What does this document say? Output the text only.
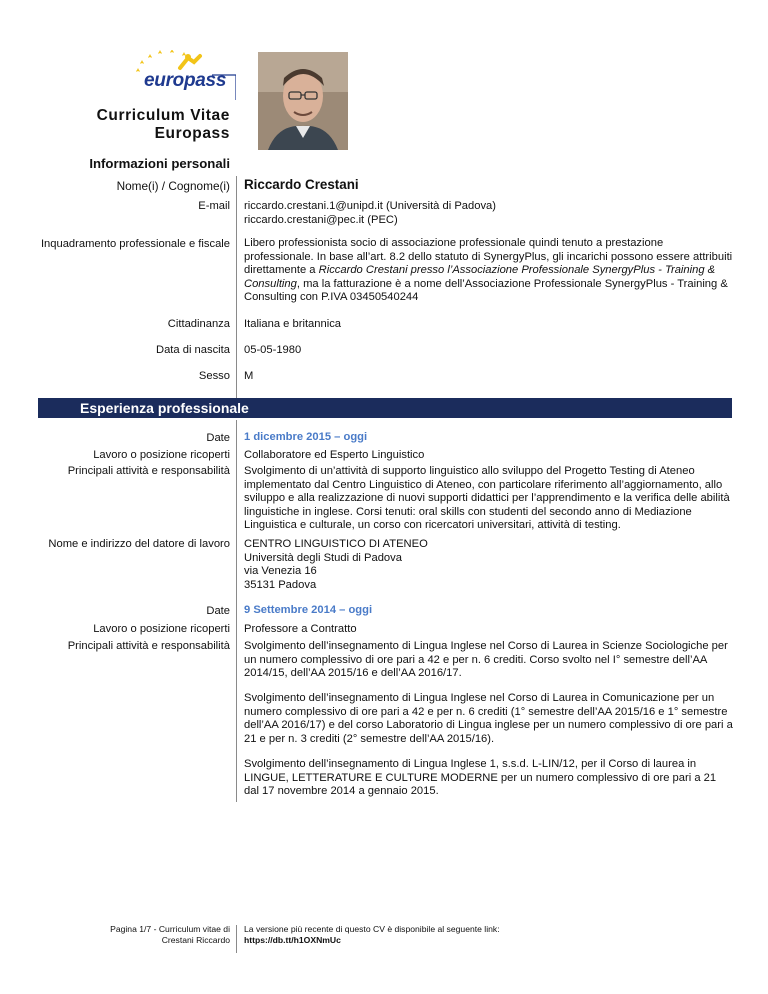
europass
Curriculum Vitae
Europass
Informazioni personali
Nome(i) / Cognome(i) Riccardo Crestani
E-mail riccardo.crestani.1@unipd.it (Università di Padova)
riccardo.crestani@pec.it (PEC)
Inquadramento professionale e fiscale Libero professionista socio di associazione professionale quindi tenuto a prestazione professionale. In base all’art. 8.2 dello statuto di SynergyPlus, gli incarichi possono essere attribuiti direttamente a Riccardo Crestani presso l’Associazione Professionale SynergyPlus - Training & Consulting, ma la fatturazione è a nome dell’Associazione Professionale SynergyPlus - Training & Consulting con P.IVA 03450540244
Cittadinanza Italiana e britannica
Data di nascita 05-05-1980
Sesso M
Esperienza professionale
Date 1 dicembre 2015 – oggi
Lavoro o posizione ricoperti Collaboratore ed Esperto Linguistico
Principali attività e responsabilità Svolgimento di un’attività di supporto linguistico allo sviluppo del Progetto Testing di Ateneo implementato dal Centro Linguistico di Ateneo, con particolare riferimento all’aggiornamento, allo sviluppo e alla realizzazione di nuovi supporti didattici per l’apprendimento e la verifica delle abilità linguistiche in inglese. Corsi tenuti: oral skills con studenti del secondo anno di Mediazione Linguistica e culturale, un corso con ricercatori universitari, attività di testing.
Nome e indirizzo del datore di lavoro CENTRO LINGUISTICO DI ATENEO
Università degli Studi di Padova
via Venezia 16
35131 Padova
Date 9 Settembre 2014 – oggi
Lavoro o posizione ricoperti Professore a Contratto
Principali attività e responsabilità Svolgimento dell’insegnamento di Lingua Inglese nel Corso di Laurea in Scienze Sociologiche per un numero complessivo di ore pari a 42 e per n. 6 crediti. Corso svolto nel I° semestre dell’AA 2014/15, dell’AA 2015/16 e dell’AA 2016/17.
Svolgimento dell’insegnamento di Lingua Inglese nel Corso di Laurea in Comunicazione per un numero complessivo di ore pari a 42 e per n. 6 crediti (1° semestre dell’AA 2015/16 e 1° semestre dell’AA 2016/17) e del corso Laboratorio di Lingua inglese per un numero complessivo di ore pari a 21 e per n. 3 crediti (2° semestre dell’AA 2015/16).
Svolgimento dell’insegnamento di Lingua Inglese 1, s.s.d. L-LIN/12, per il Corso di laurea in LINGUE, LETTERATURE E CULTURE MODERNE per un numero complessivo di ore pari a 21 dal 17 novembre 2014 a gennaio 2015.
Pagina 1/7 - Curriculum vitae di
Crestani Riccardo
La versione più recente di questo CV è disponibile al seguente link:
https://db.tt/h1OXNmUc
